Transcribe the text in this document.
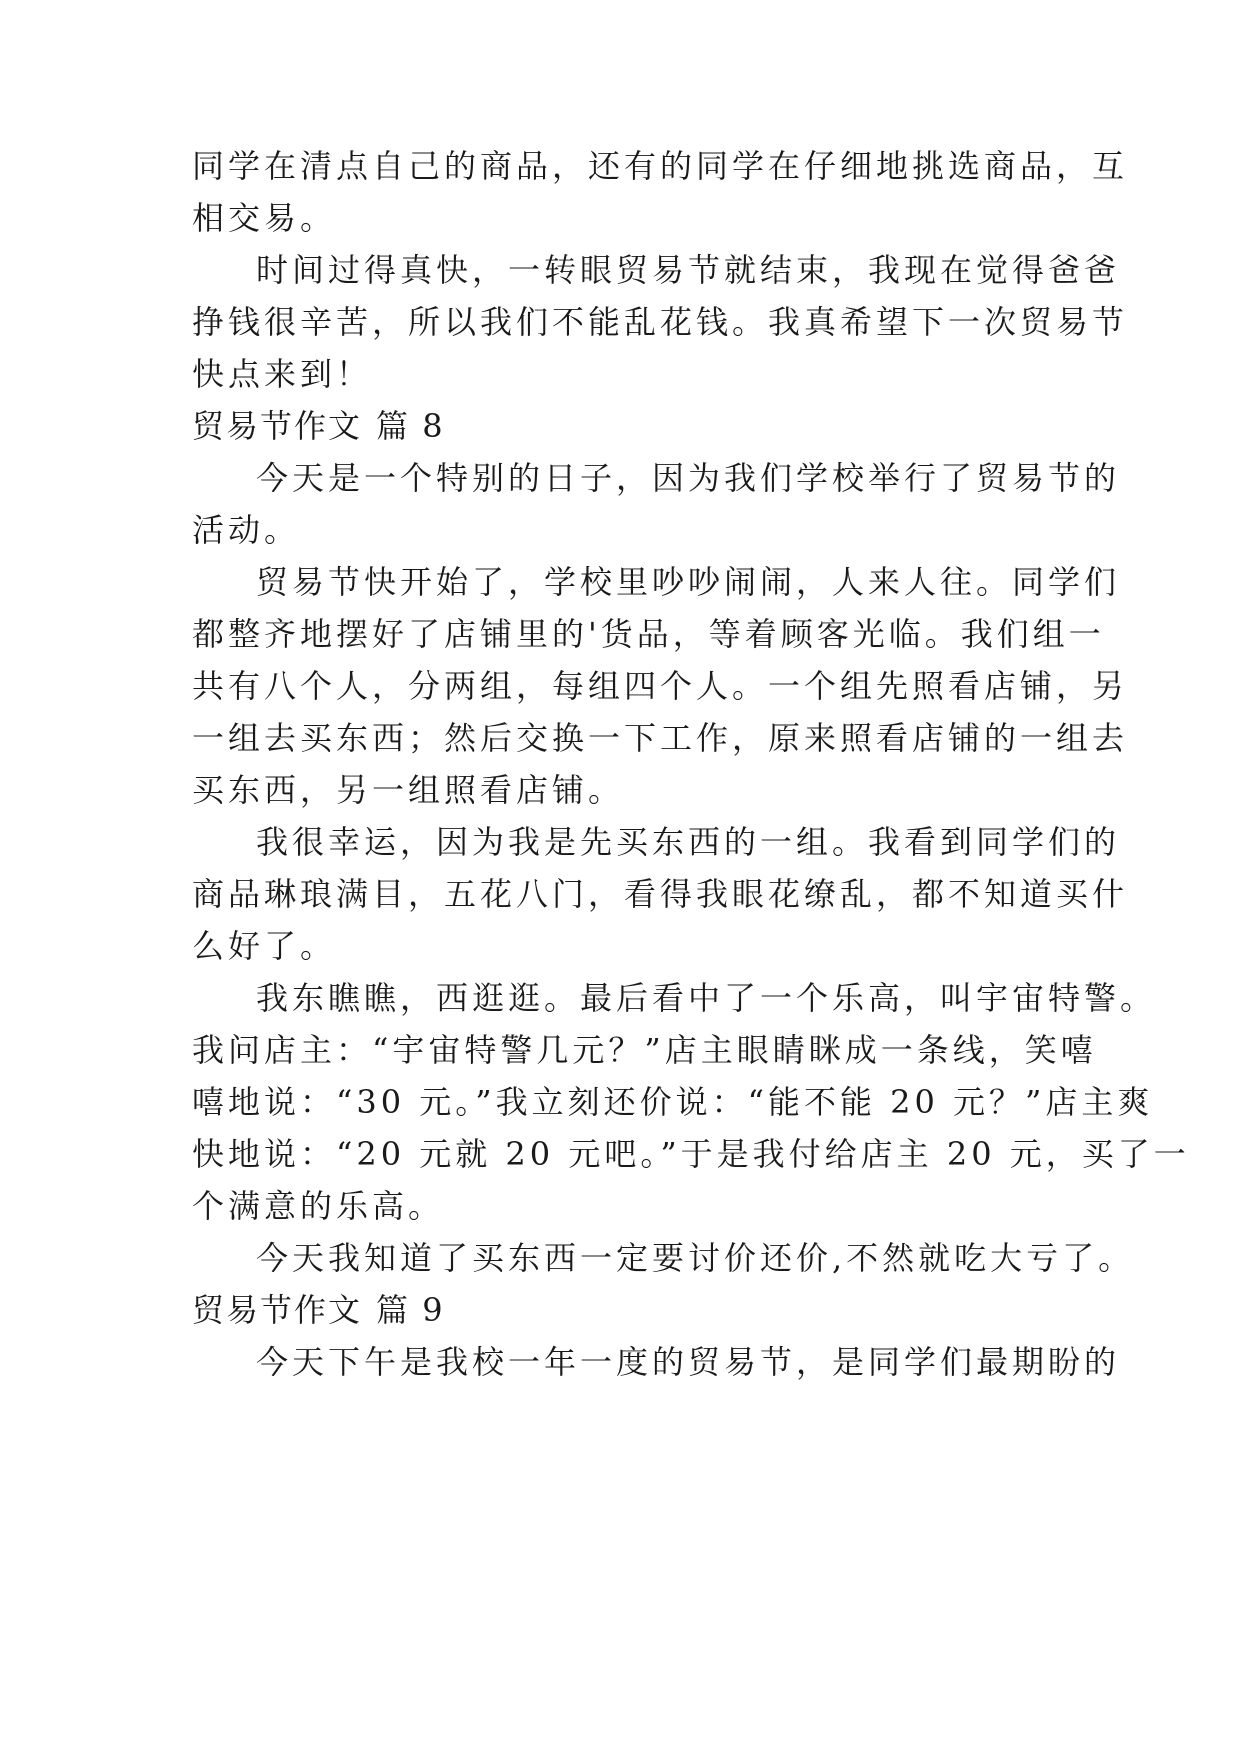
同学在清点自己的商品，还有的同学在仔细地挑选商品，互
相交易。
时间过得真快，一转眼贸易节就结束，我现在觉得爸爸
挣钱很辛苦，所以我们不能乱花钱。我真希望下一次贸易节
快点来到！
贸易节作文 篇 8
今天是一个特别的日子，因为我们学校举行了贸易节的
活动。
贸易节快开始了，学校里吵吵闹闹，人来人往。同学们
都整齐地摆好了店铺里的'货品，等着顾客光临。我们组一
共有八个人，分两组，每组四个人。一个组先照看店铺，另
一组去买东西；然后交换一下工作，原来照看店铺的一组去
买东西，另一组照看店铺。
我很幸运，因为我是先买东西的一组。我看到同学们的
商品琳琅满目，五花八门，看得我眼花缭乱，都不知道买什
么好了。
我东瞧瞧，西逛逛。最后看中了一个乐高，叫宇宙特警。
我问店主：“宇宙特警几元？”店主眼睛眯成一条线，笑嘻
嘻地说：“30 元。”我立刻还价说：“能不能 20 元？”店主爽
快地说：“20 元就 20 元吧。”于是我付给店主 20 元，买了一
个满意的乐高。
今天我知道了买东西一定要讨价还价,不然就吃大亏了。
贸易节作文 篇 9
今天下午是我校一年一度的贸易节，是同学们最期盼的
